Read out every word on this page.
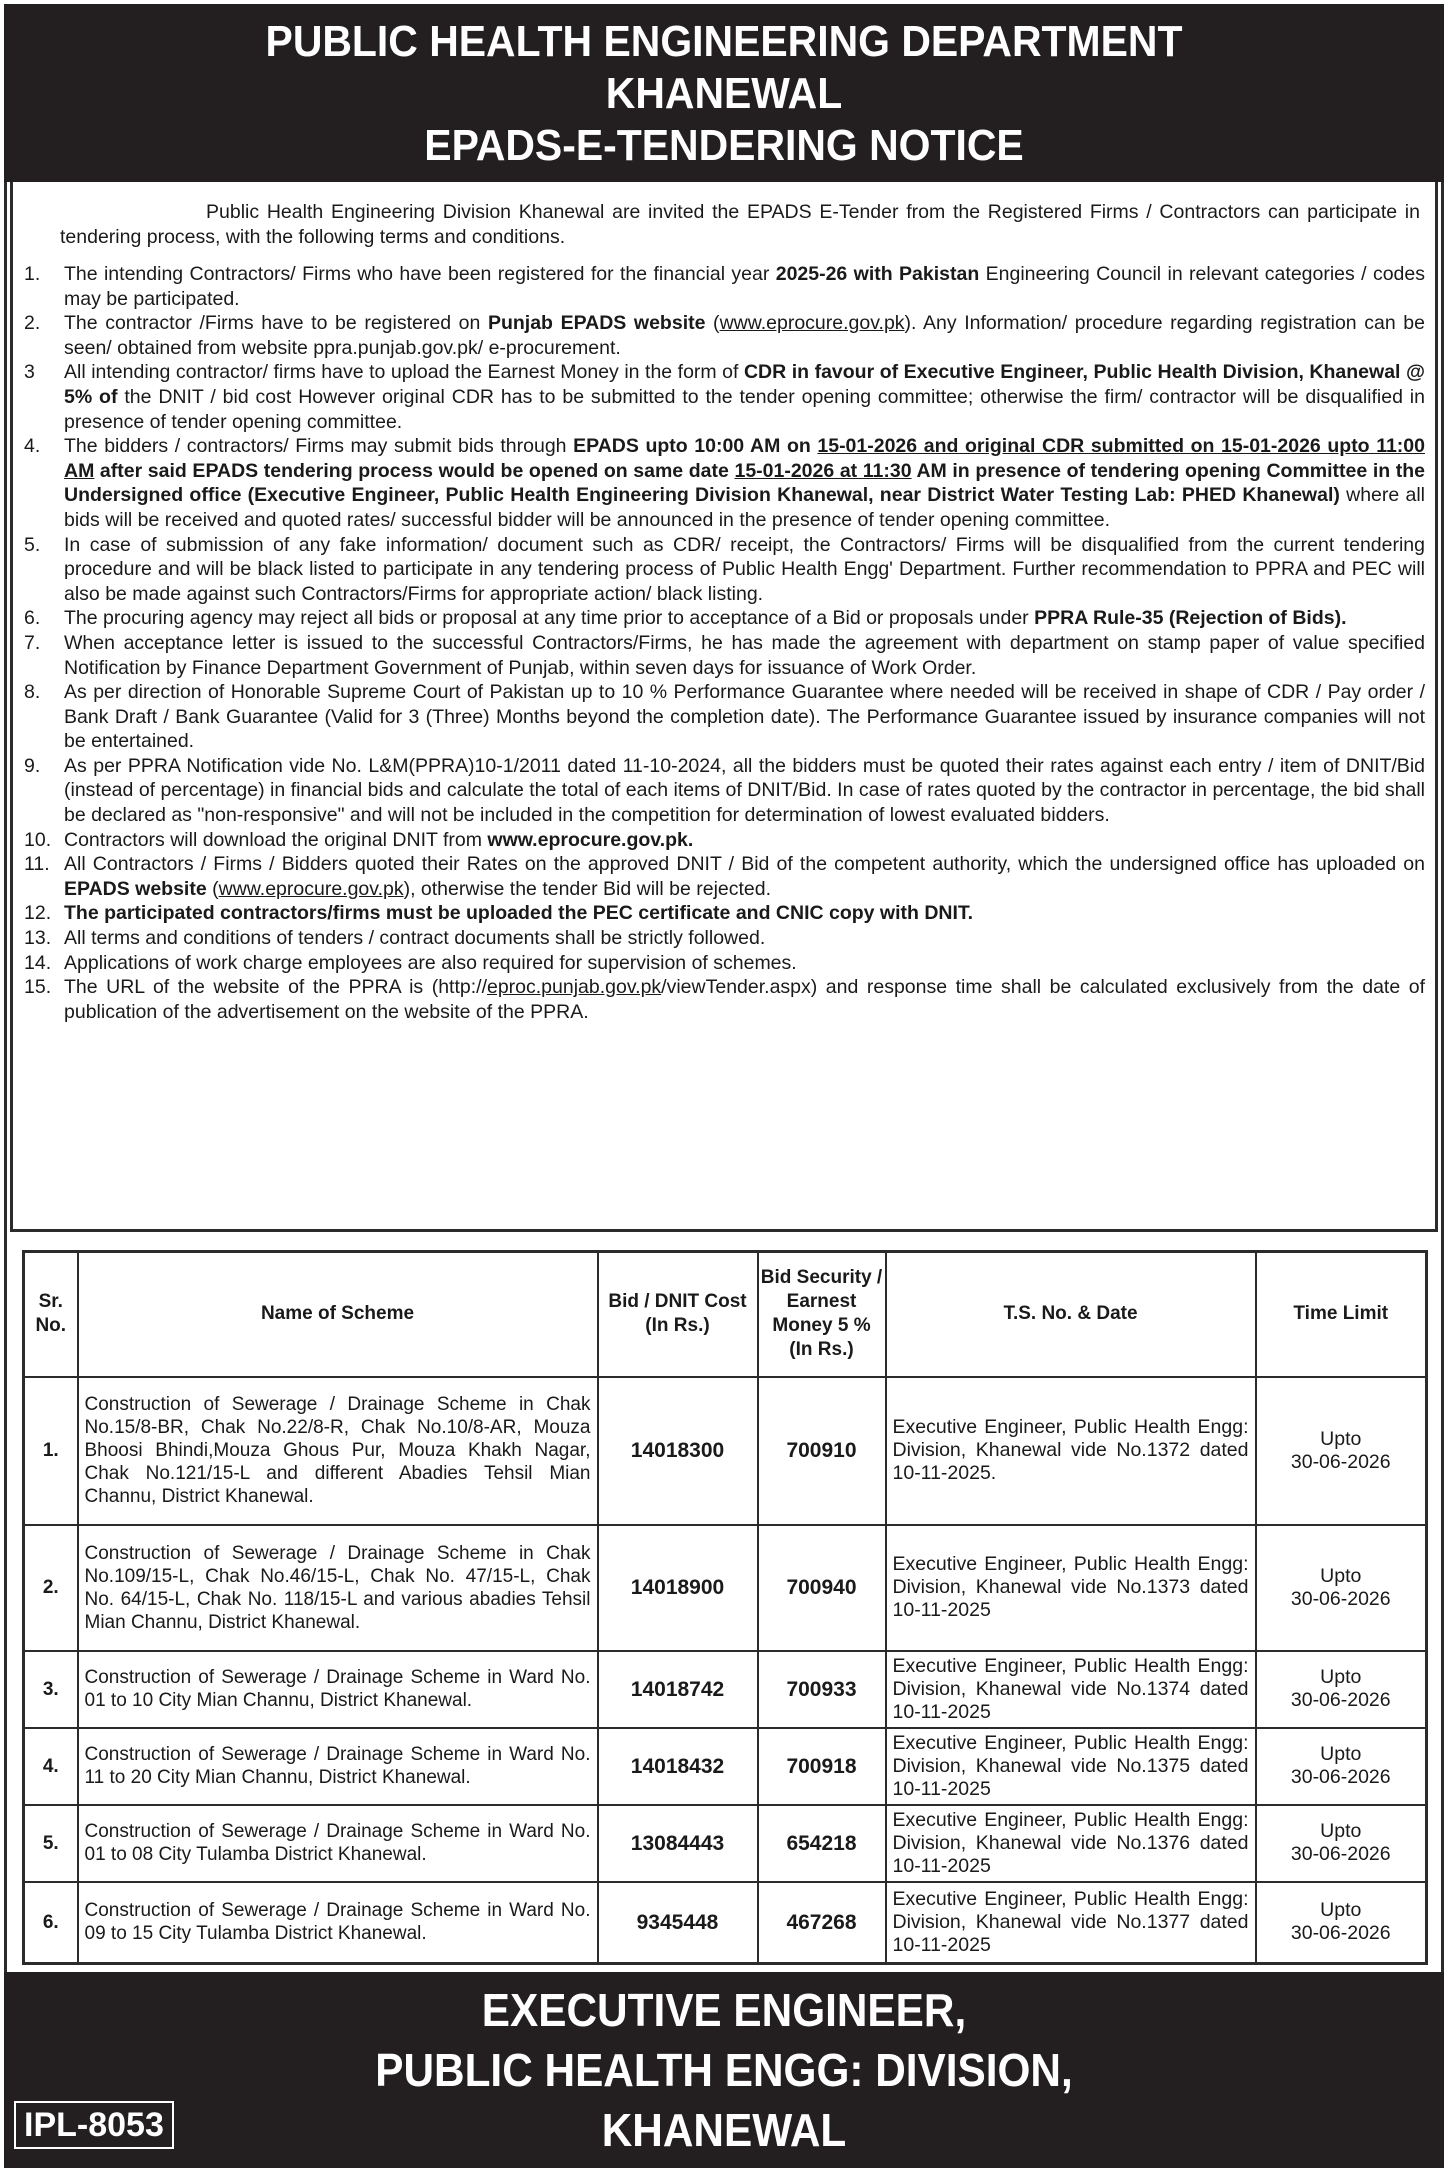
PUBLIC HEALTH ENGINEERING DEPARTMENT
KHANEWAL
EPADS-E-TENDERING NOTICE

Public Health Engineering Division Khanewal are invited the EPADS E-Tender from the Registered Firms / Contractors can participate in tendering process, with the following terms and conditions.

1. The intending Contractors/ Firms who have been registered for the financial year 2025-26 with Pakistan Engineering Council in relevant categories / codes may be participated.
2. The contractor /Firms have to be registered on Punjab EPADS website (www.eprocure.gov.pk). Any Information/ procedure regarding registration can be seen/ obtained from website ppra.punjab.gov.pk/ e-procurement.
3 All intending contractor/ firms have to upload the Earnest Money in the form of CDR in favour of Executive Engineer, Public Health Division, Khanewal @ 5% of the DNIT / bid cost However original CDR has to be submitted to the tender opening committee; otherwise the firm/ contractor will be disqualified in presence of tender opening committee.
4. The bidders / contractors/ Firms may submit bids through EPADS upto 10:00 AM on 15-01-2026 and original CDR submitted on 15-01-2026 upto 11:00 AM after said EPADS tendering process would be opened on same date 15-01-2026 at 11:30 AM in presence of tendering opening Committee in the Undersigned office (Executive Engineer, Public Health Engineering Division Khanewal, near District Water Testing Lab: PHED Khanewal) where all bids will be received and quoted rates/ successful bidder will be announced in the presence of tender opening committee.
5. In case of submission of any fake information/ document such as CDR/ receipt, the Contractors/ Firms will be disqualified from the current tendering procedure and will be black listed to participate in any tendering process of Public Health Engg' Department. Further recommendation to PPRA and PEC will also be made against such Contractors/Firms for appropriate action/ black listing.
6. The procuring agency may reject all bids or proposal at any time prior to acceptance of a Bid or proposals under PPRA Rule-35 (Rejection of Bids).
7. When acceptance letter is issued to the successful Contractors/Firms, he has made the agreement with department on stamp paper of value specified Notification by Finance Department Government of Punjab, within seven days for issuance of Work Order.
8. As per direction of Honorable Supreme Court of Pakistan up to 10 % Performance Guarantee where needed will be received in shape of CDR / Pay order / Bank Draft / Bank Guarantee (Valid for 3 (Three) Months beyond the completion date). The Performance Guarantee issued by insurance companies will not be entertained.
9. As per PPRA Notification vide No. L&M(PPRA)10-1/2011 dated 11-10-2024, all the bidders must be quoted their rates against each entry / item of DNIT/Bid (instead of percentage) in financial bids and calculate the total of each items of DNIT/Bid. In case of rates quoted by the contractor in percentage, the bid shall be declared as "non-responsive" and will not be included in the competition for determination of lowest evaluated bidders.
10. Contractors will download the original DNIT from www.eprocure.gov.pk.
11. All Contractors / Firms / Bidders quoted their Rates on the approved DNIT / Bid of the competent authority, which the undersigned office has uploaded on EPADS website (www.eprocure.gov.pk), otherwise the tender Bid will be rejected.
12. The participated contractors/firms must be uploaded the PEC certificate and CNIC copy with DNIT.
13. All terms and conditions of tenders / contract documents shall be strictly followed.
14. Applications of work charge employees are also required for supervision of schemes.
15. The URL of the website of the PPRA is (http://eproc.punjab.gov.pk/viewTender.aspx) and response time shall be calculated exclusively from the date of publication of the advertisement on the website of the PPRA.
Sr. No.	Name of Scheme	Bid / DNIT Cost (In Rs.)	Bid Security / Earnest Money 5 % (In Rs.)	T.S. No. & Date	Time Limit
1.	Construction of Sewerage / Drainage Scheme in Chak No.15/8-BR, Chak No.22/8-R, Chak No.10/8-AR, Mouza Bhoosi Bhindi,Mouza Ghous Pur, Mouza Khakh Nagar, Chak No.121/15-L and different Abadies Tehsil Mian Channu, District Khanewal.	14018300	700910	Executive Engineer, Public Health Engg: Division, Khanewal vide No.1372 dated 10-11-2025.	Upto
30-06-2026
2.	Construction of Sewerage / Drainage Scheme in Chak No.109/15-L, Chak No.46/15-L, Chak No. 47/15-L, Chak No. 64/15-L, Chak No. 118/15-L and various abadies Tehsil Mian Channu, District Khanewal.	14018900	700940	Executive Engineer, Public Health Engg: Division, Khanewal vide No.1373 dated 10-11-2025	Upto
30-06-2026
3.	Construction of Sewerage / Drainage Scheme in Ward No. 01 to 10 City Mian Channu, District Khanewal.	14018742	700933	Executive Engineer, Public Health Engg: Division, Khanewal vide No.1374 dated 10-11-2025	Upto
30-06-2026
4.	Construction of Sewerage / Drainage Scheme in Ward No. 11 to 20 City Mian Channu, District Khanewal.	14018432	700918	Executive Engineer, Public Health Engg: Division, Khanewal vide No.1375 dated 10-11-2025	Upto
30-06-2026
5.	Construction of Sewerage / Drainage Scheme in Ward No. 01 to 08 City Tulamba District Khanewal.	13084443	654218	Executive Engineer, Public Health Engg: Division, Khanewal vide No.1376 dated 10-11-2025	Upto
30-06-2026
6.	Construction of Sewerage / Drainage Scheme in Ward No. 09 to 15 City Tulamba District Khanewal.	9345448	467268	Executive Engineer, Public Health Engg: Division, Khanewal vide No.1377 dated 10-11-2025	Upto
30-06-2026
EXECUTIVE ENGINEER,
PUBLIC HEALTH ENGG: DIVISION,
KHANEWAL
IPL-8053
